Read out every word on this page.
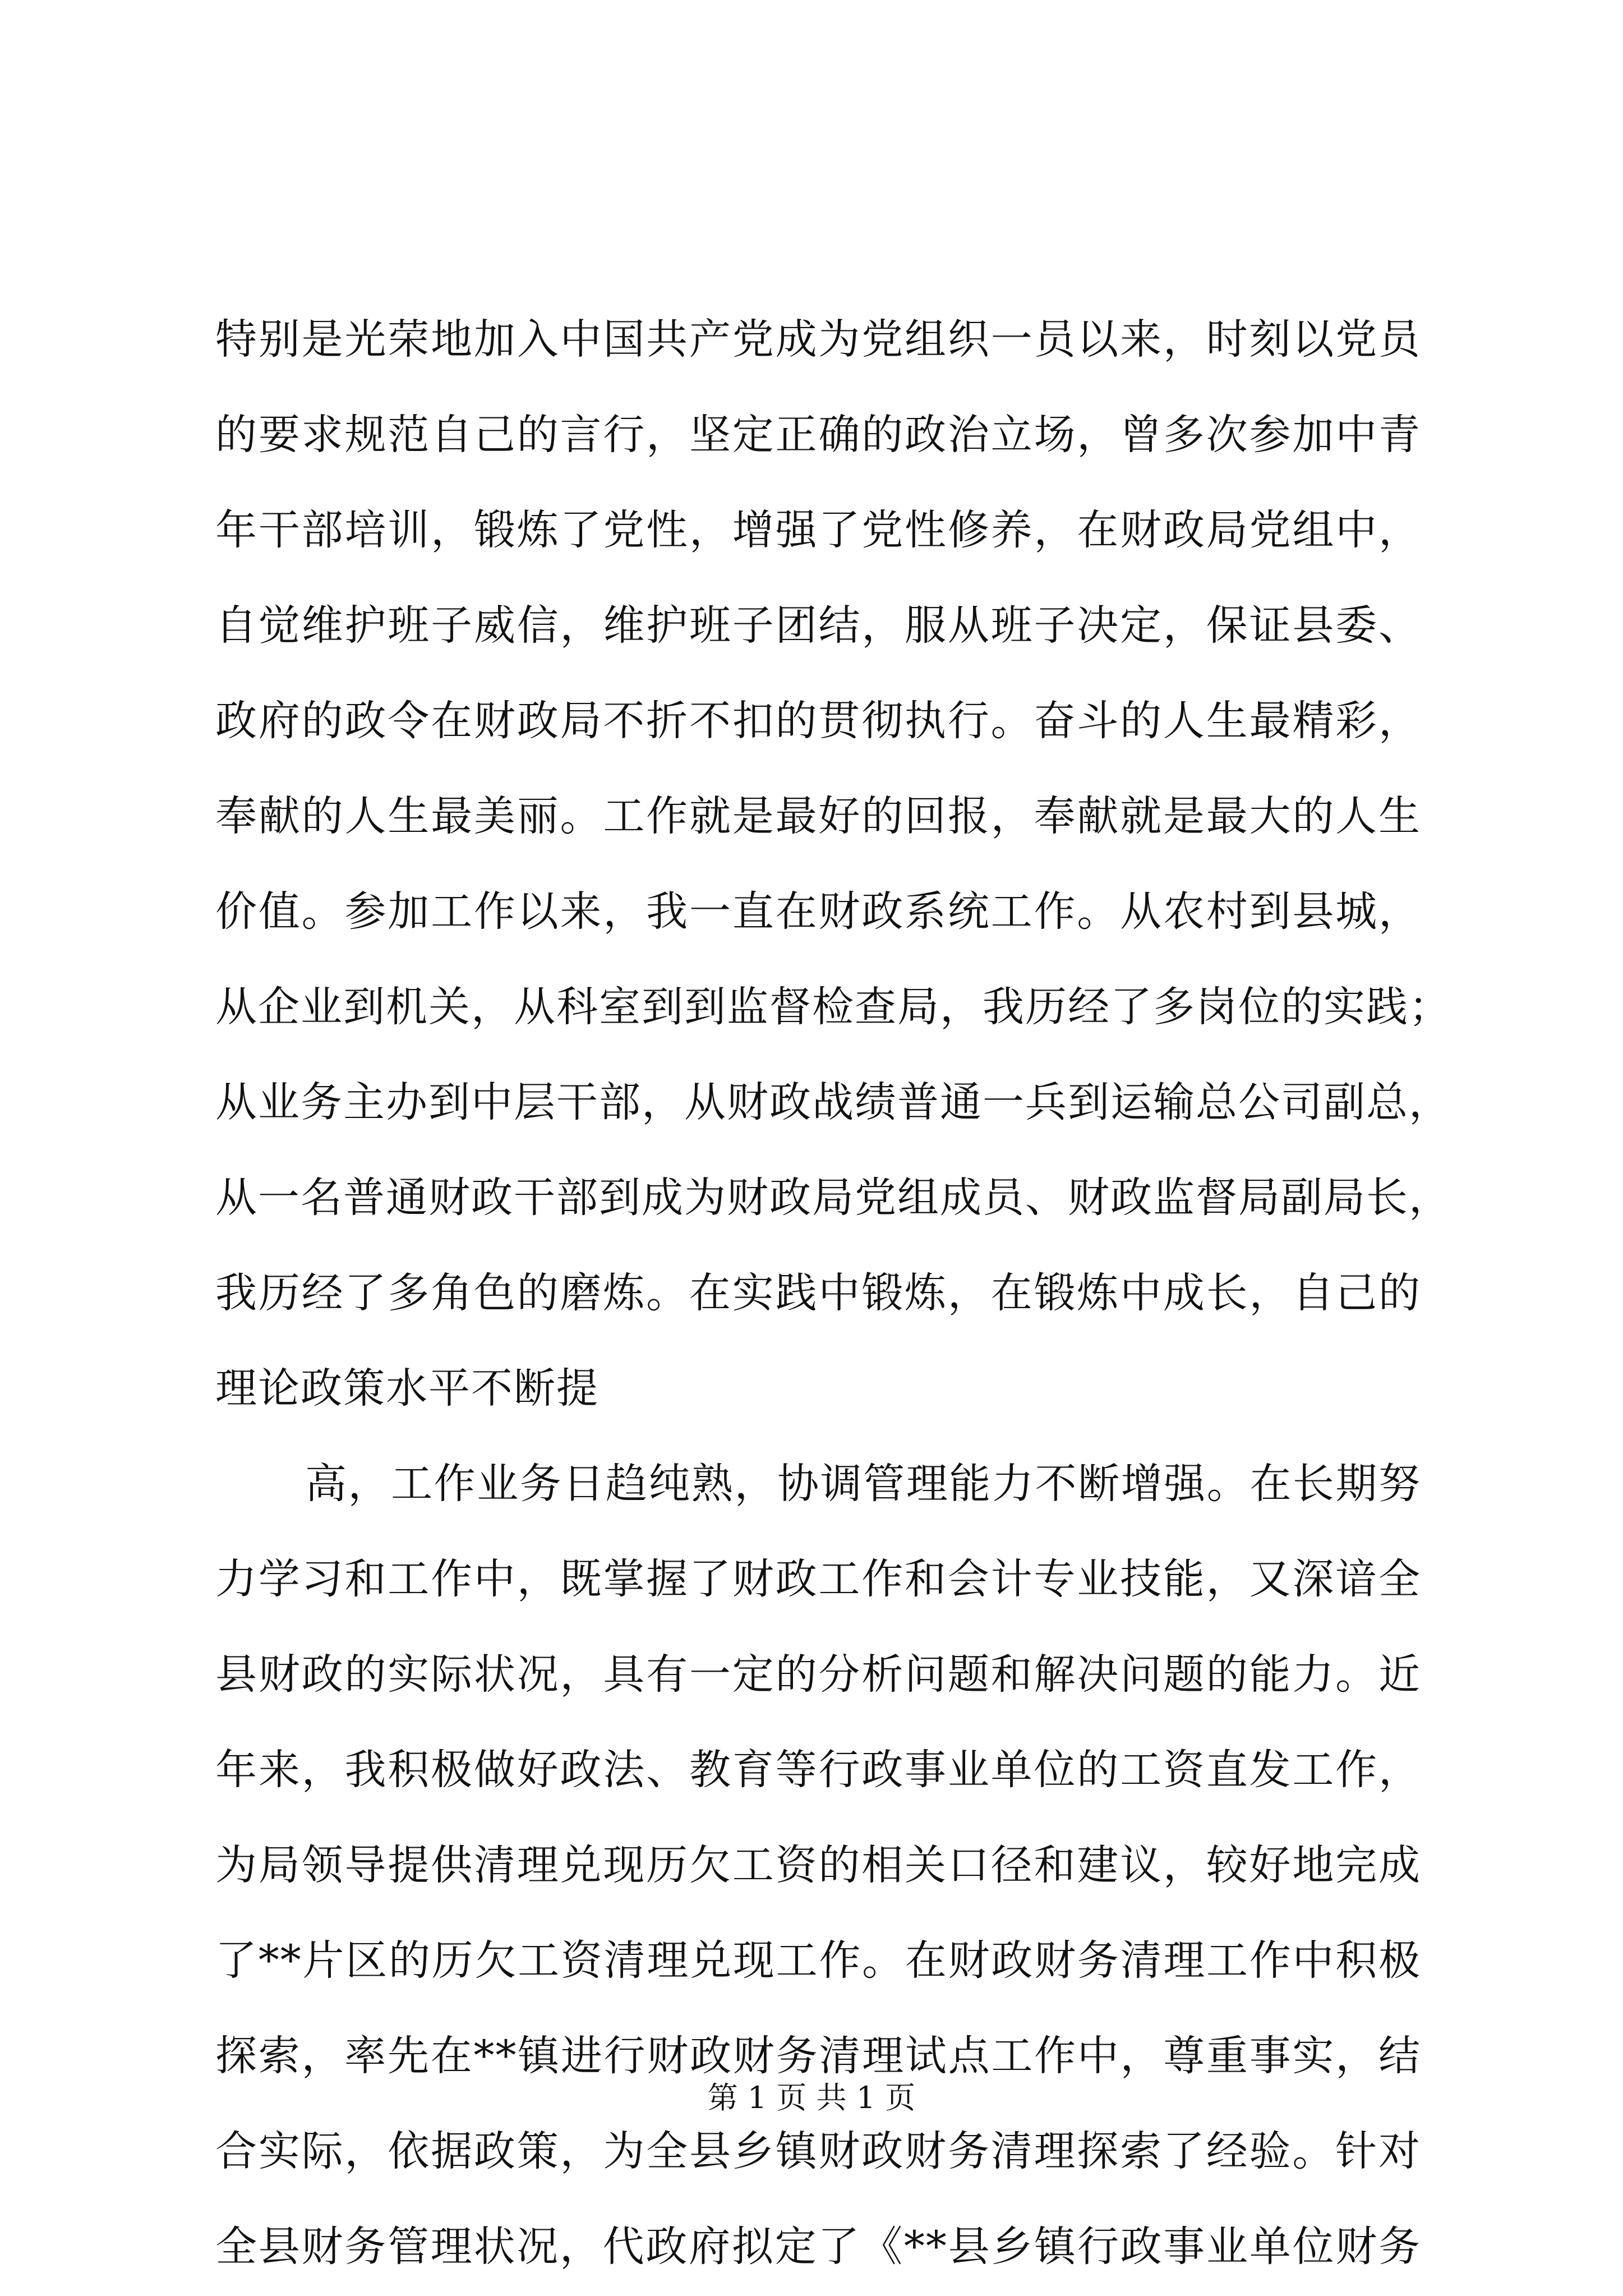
特别是光荣地加入中国共产党成为党组织一员以来，时刻以党员
的要求规范自己的言行，坚定正确的政治立场，曾多次参加中青
年干部培训，锻炼了党性，增强了党性修养，在财政局党组中，
自觉维护班子威信，维护班子团结，服从班子决定，保证县委、
政府的政令在财政局不折不扣的贯彻执行。奋斗的人生最精彩，
奉献的人生最美丽。工作就是最好的回报，奉献就是最大的人生
价值。参加工作以来，我一直在财政系统工作。从农村到县城，
从企业到机关，从科室到到监督检查局，我历经了多岗位的实践；
从业务主办到中层干部，从财政战绩普通一兵到运输总公司副总，
从一名普通财政干部到成为财政局党组成员、财政监督局副局长，
我历经了多角色的磨炼。在实践中锻炼，在锻炼中成长，自己的
理论政策水平不断提
高，工作业务日趋纯熟，协调管理能力不断增强。在长期努
力学习和工作中，既掌握了财政工作和会计专业技能，又深谙全
县财政的实际状况，具有一定的分析问题和解决问题的能力。近
年来，我积极做好政法、教育等行政事业单位的工资直发工作，
为局领导提供清理兑现历欠工资的相关口径和建议，较好地完成
了**片区的历欠工资清理兑现工作。在财政财务清理工作中积极
探索，率先在**镇进行财政财务清理试点工作中，尊重事实，结
合实际，依据政策，为全县乡镇财政财务清理探索了经验。针对
全县财务管理状况，代政府拟定了《**县乡镇行政事业单位财务
第 1 页 共 1 页
